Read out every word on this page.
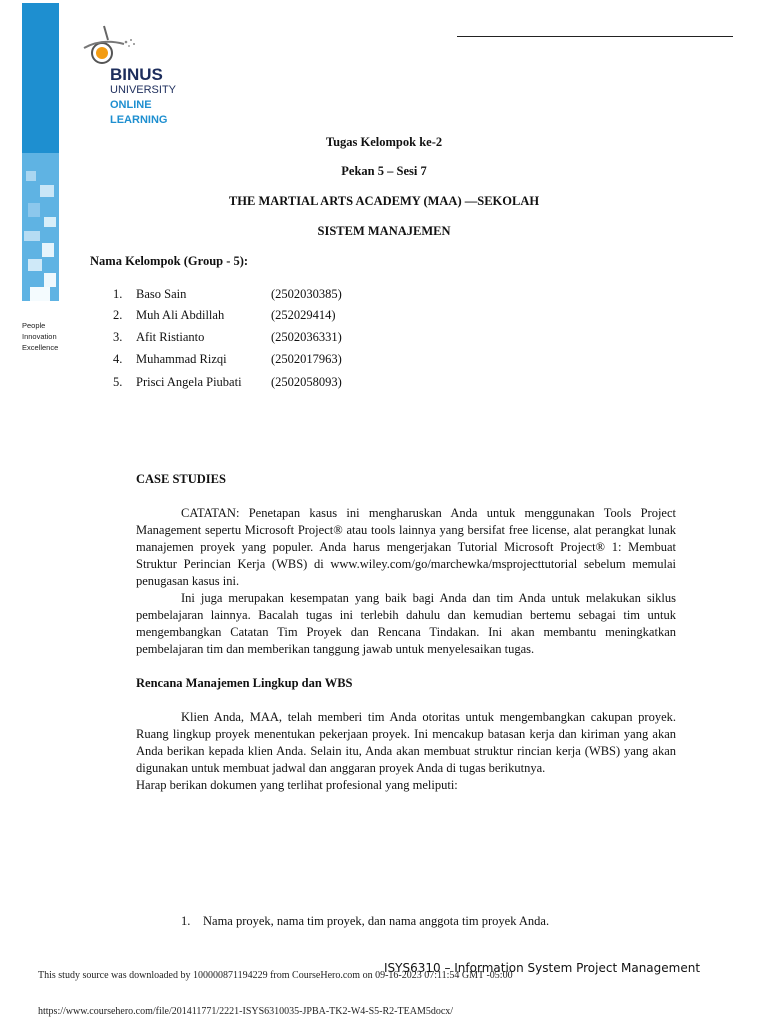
People
Innovation
Excellence
BINUS
UNIVERSITY
ONLINE
LEARNING
Tugas Kelompok ke-2
Pekan 5 – Sesi 7
THE MARTIAL ARTS ACADEMY (MAA) —SEKOLAH
SISTEM MANAJEMEN
Nama Kelompok (Group - 5):
1. Baso Sain	(2502030385)
2. Muh Ali Abdillah	(252029414)
3. Afit Ristianto	(2502036331)
4. Muhammad Rizqi	(2502017963)
5. Prisci Angela Piubati (2502058093)
CASE STUDIES
CATATAN: Penetapan kasus ini mengharuskan Anda untuk menggunakan Tools Project Management sepertu Microsoft Project® atau tools lainnya yang bersifat free license, alat perangkat lunak manajemen proyek yang populer. Anda harus mengerjakan Tutorial Microsoft Project® 1: Membuat Struktur Perincian Kerja (WBS) di www.wiley.com/go/marchewka/msprojecttutorial sebelum memulai penugasan kasus ini.
Ini juga merupakan kesempatan yang baik bagi Anda dan tim Anda untuk melakukan siklus pembelajaran lainnya. Bacalah tugas ini terlebih dahulu dan kemudian bertemu sebagai tim untuk mengembangkan Catatan Tim Proyek dan Rencana Tindakan. Ini akan membantu meningkatkan pembelajaran tim dan memberikan tanggung jawab untuk menyelesaikan tugas.
Rencana Manajemen Lingkup dan WBS
Klien Anda, MAA, telah memberi tim Anda otoritas untuk mengembangkan cakupan proyek. Ruang lingkup proyek menentukan pekerjaan proyek. Ini mencakup batasan kerja dan kiriman yang akan Anda berikan kepada klien Anda. Selain itu, Anda akan membuat struktur rincian kerja (WBS) yang akan digunakan untuk membuat jadwal dan anggaran proyek Anda di tugas berikutnya.
Harap berikan dokumen yang terlihat profesional yang meliputi:
1. Nama proyek, nama tim proyek, dan nama anggota tim proyek Anda.
ISYS6310 – Information System Project Management
This study source was downloaded by 100000871194229 from CourseHero.com on 09-16-2023 07:11:54 GMT -05:00
https://www.coursehero.com/file/201411771/2221-ISYS6310035-JPBA-TK2-W4-S5-R2-TEAM5docx/
